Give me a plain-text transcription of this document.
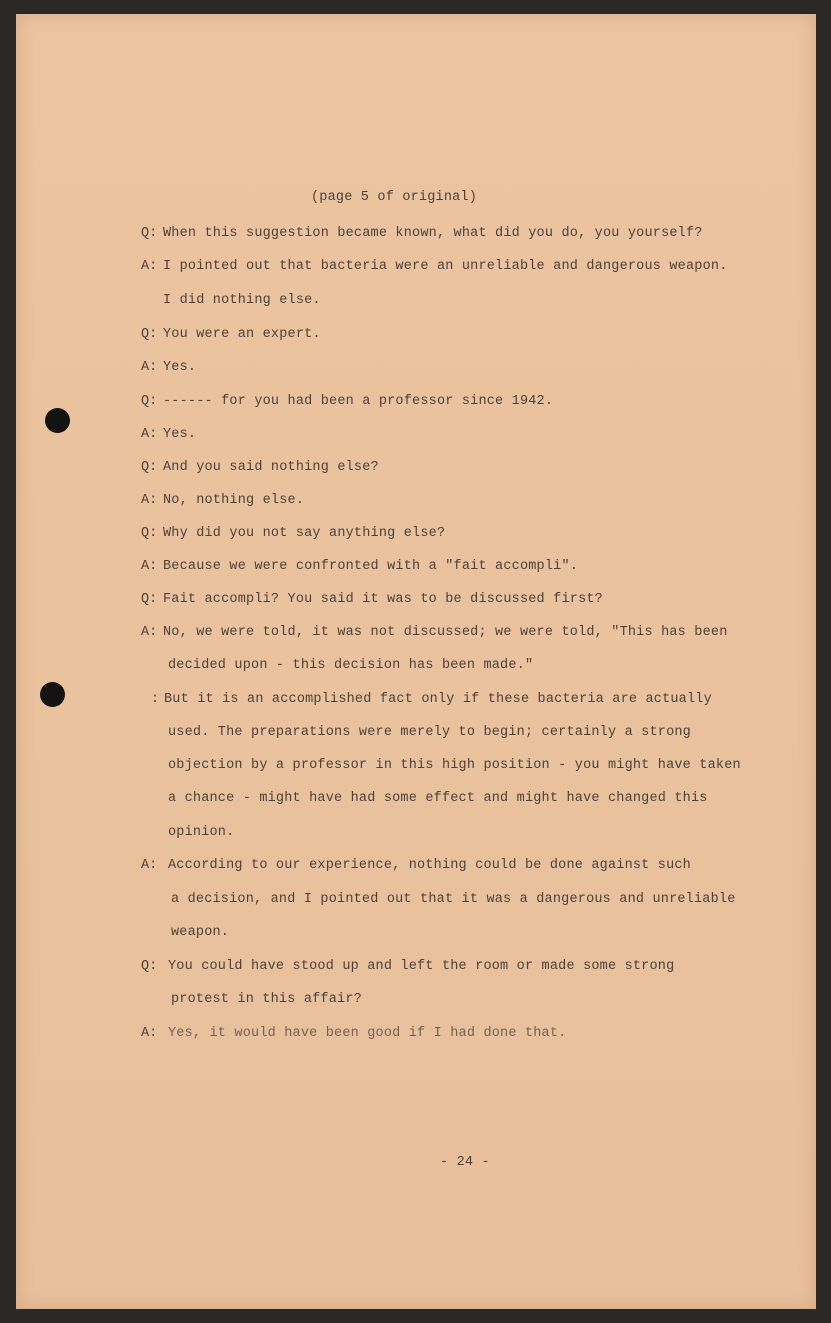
(page 5 of original)
Q: When this suggestion became known, what did you do, you yourself?
A: I pointed out that bacteria were an unreliable and dangerous weapon.
I did nothing else.
Q: You were an expert.
A: Yes.
Q: ------ for you had been a professor since 1942.
A: Yes.
Q: And you said nothing else?
A: No, nothing else.
Q: Why did you not say anything else?
A: Because we were confronted with a "fait accompli".
Q: Fait accompli? You said it was to be discussed first?
A: No, we were told, it was not discussed; we were told, "This has been
decided upon - this decision has been made."
: But it is an accomplished fact only if these bacteria are actually
used. The preparations were merely to begin; certainly a strong
objection by a professor in this high position - you might have taken
a chance - might have had some effect and might have changed this
opinion.
A: According to our experience, nothing could be done against such
a decision, and I pointed out that it was a dangerous and unreliable
weapon.
Q: You could have stood up and left the room or made some strong
protest in this affair?
A: Yes, it would have been good if I had done that.
- 24 -
